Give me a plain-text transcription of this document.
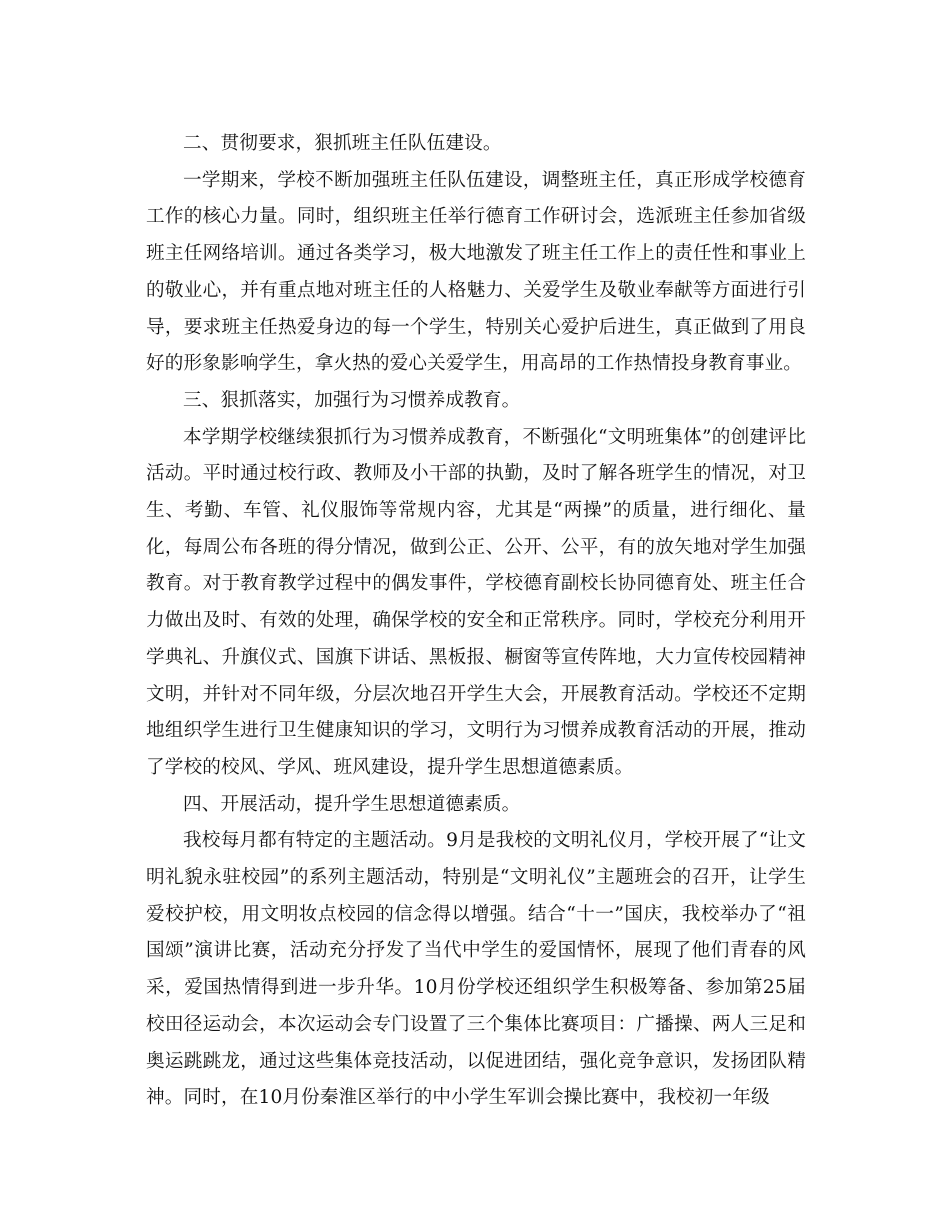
二、贯彻要求，狠抓班主任队伍建设。

一学期来，学校不断加强班主任队伍建设，调整班主任，真正形成学校德育工作的核心力量。同时，组织班主任举行德育工作研讨会，选派班主任参加省级班主任网络培训。通过各类学习，极大地激发了班主任工作上的责任性和事业上的敬业心，并有重点地对班主任的人格魅力、关爱学生及敬业奉献等方面进行引导，要求班主任热爱身边的每一个学生，特别关心爱护后进生，真正做到了用良好的形象影响学生，拿火热的爱心关爱学生，用高昂的工作热情投身教育事业。

三、狠抓落实，加强行为习惯养成教育。

本学期学校继续狠抓行为习惯养成教育，不断强化“文明班集体”的创建评比活动。平时通过校行政、教师及小干部的执勤，及时了解各班学生的情况，对卫生、考勤、车管、礼仪服饰等常规内容，尤其是“两操”的质量，进行细化、量化，每周公布各班的得分情况，做到公正、公开、公平，有的放矢地对学生加强教育。对于教育教学过程中的偶发事件，学校德育副校长协同德育处、班主任合力做出及时、有效的处理，确保学校的安全和正常秩序。同时，学校充分利用开学典礼、升旗仪式、国旗下讲话、黑板报、橱窗等宣传阵地，大力宣传校园精神文明，并针对不同年级，分层次地召开学生大会，开展教育活动。学校还不定期地组织学生进行卫生健康知识的学习，文明行为习惯养成教育活动的开展，推动了学校的校风、学风、班风建设，提升学生思想道德素质。

四、开展活动，提升学生思想道德素质。

我校每月都有特定的主题活动。9月是我校的文明礼仪月，学校开展了“让文明礼貌永驻校园”的系列主题活动，特别是“文明礼仪”主题班会的召开，让学生爱校护校，用文明妆点校园的信念得以增强。结合“十一”国庆，我校举办了“祖国颂”演讲比赛，活动充分抒发了当代中学生的爱国情怀，展现了他们青春的风采，爱国热情得到进一步升华。10月份学校还组织学生积极筹备、参加第25届校田径运动会，本次运动会专门设置了三个集体比赛项目：广播操、两人三足和奥运跳跳龙，通过这些集体竞技活动，以促进团结，强化竞争意识，发扬团队精神。同时，在10月份秦淮区举行的中小学生军训会操比赛中，我校初一年级
